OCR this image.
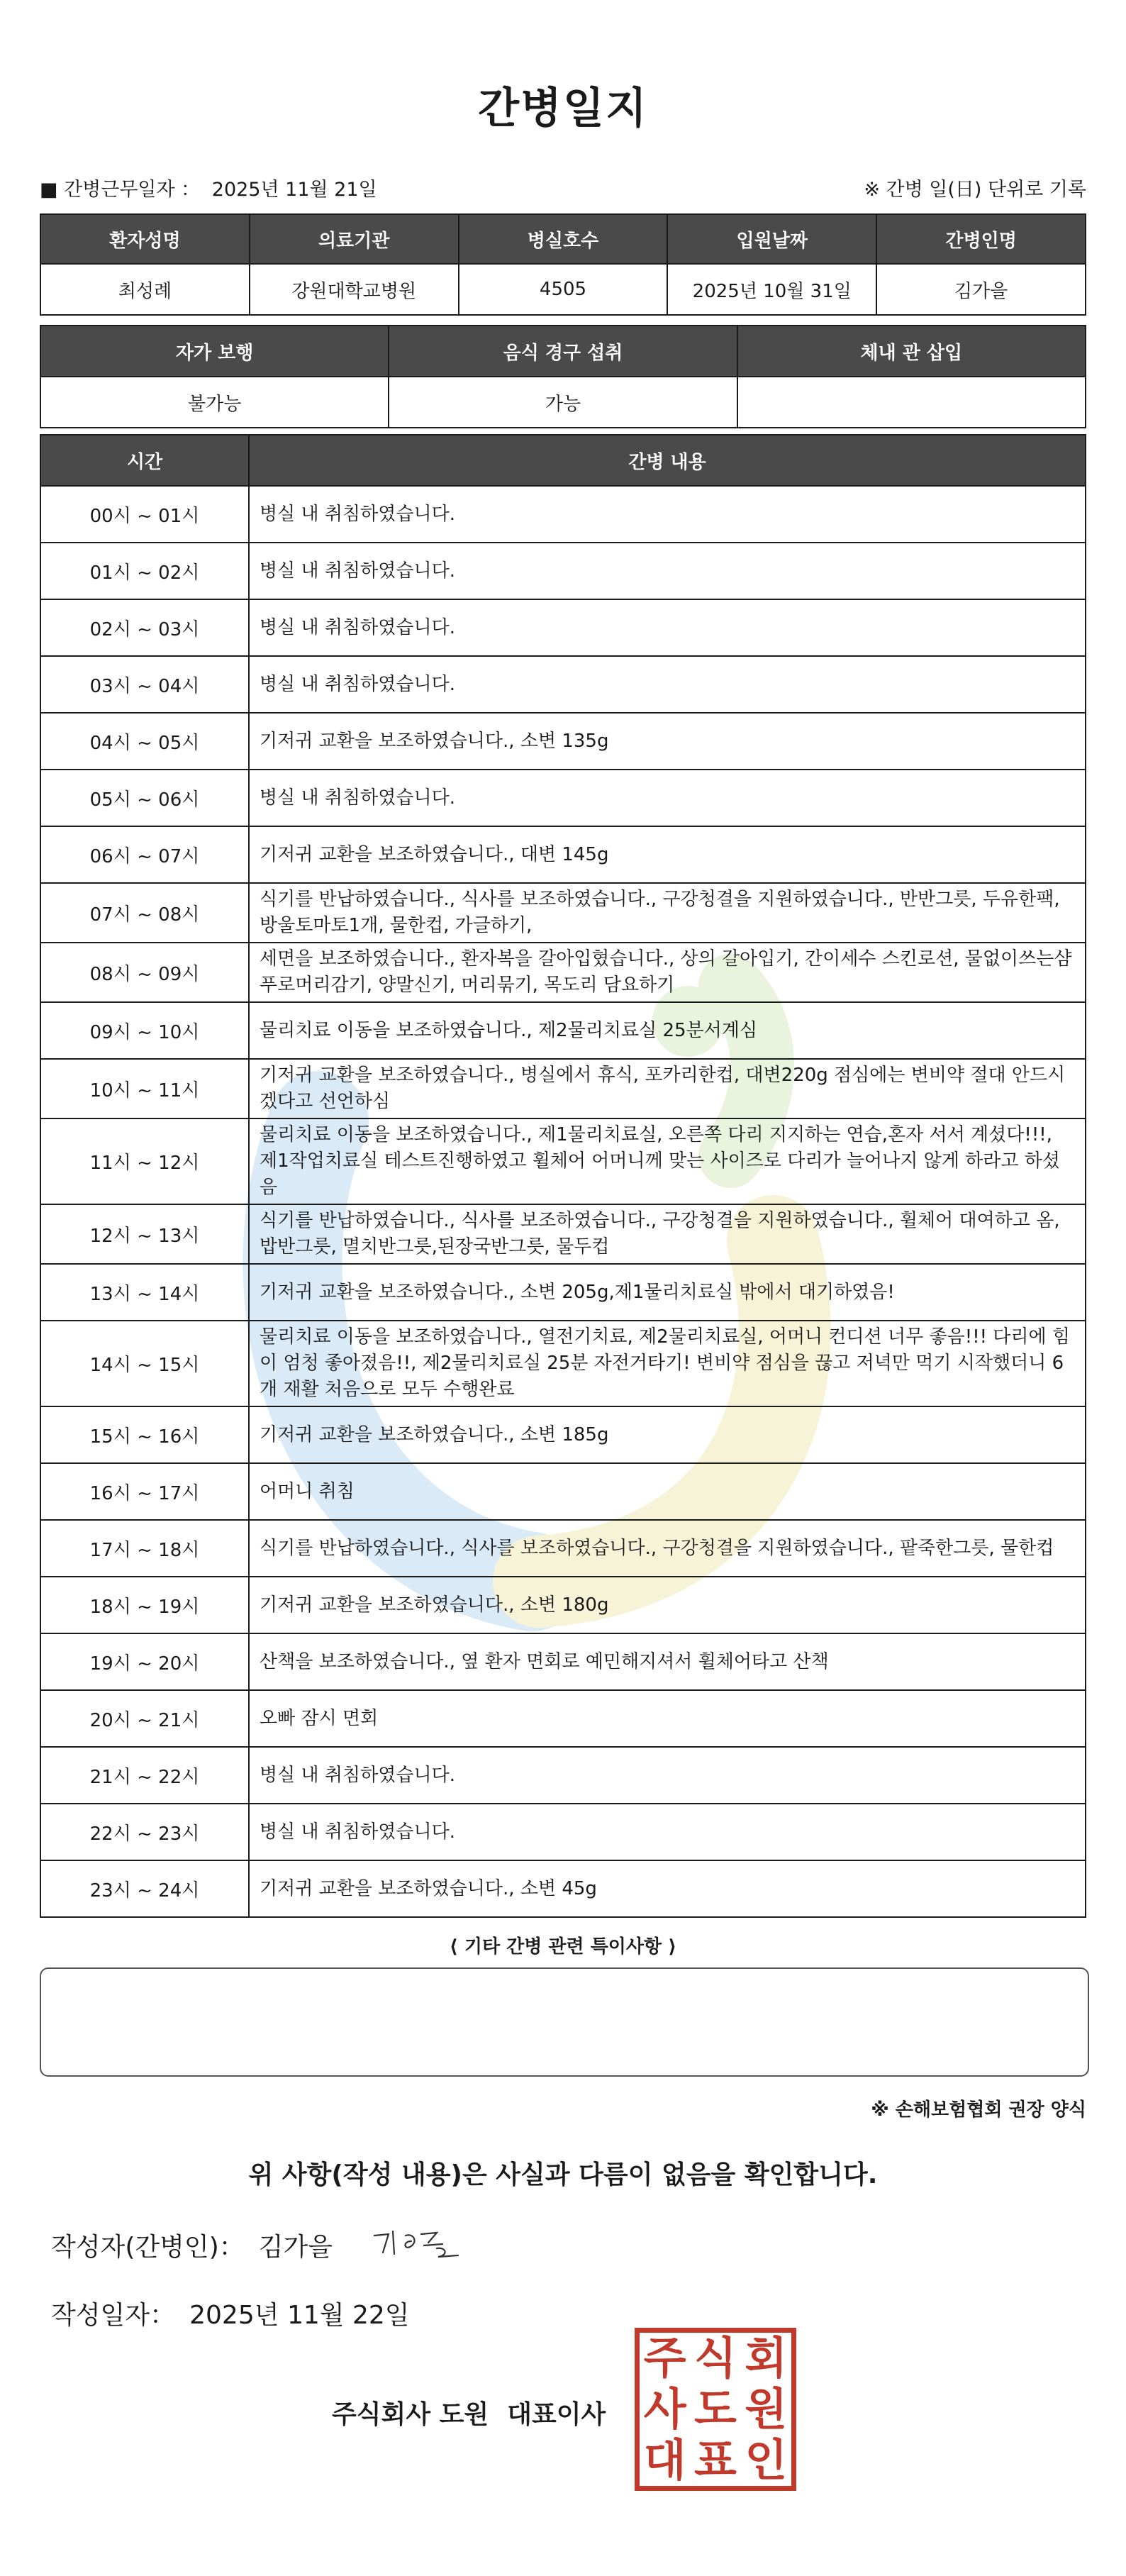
간병일지
■ 간병근무일자 ： 2025년 11월 21일	※ 간병 일(日) 단위로 기록
환자성명	의료기관	병실호수	입원날짜	간병인명
최성례	강원대학교병원	4505	2025년 10월 31일	김가을
자가 보행	음식 경구 섭취	체내 관 삽입
불가능	가능	
시간	간병 내용
00시 ~ 01시	병실 내 취침하였습니다.
01시 ~ 02시	병실 내 취침하였습니다.
02시 ~ 03시	병실 내 취침하였습니다.
03시 ~ 04시	병실 내 취침하였습니다.
04시 ~ 05시	기저귀 교환을 보조하였습니다., 소변 135g
05시 ~ 06시	병실 내 취침하였습니다.
06시 ~ 07시	기저귀 교환을 보조하였습니다., 대변 145g
07시 ~ 08시	식기를 반납하였습니다., 식사를 보조하였습니다., 구강청결을 지원하였습니다., 반반그릇, 두유한팩, 방울토마토1개, 물한컵, 가글하기,
08시 ~ 09시	세면을 보조하였습니다., 환자복을 갈아입혔습니다., 상의 갈아입기, 간이세수 스킨로션, 물없이쓰는샴푸로머리감기, 양말신기, 머리묶기, 목도리 담요하기
09시 ~ 10시	물리치료 이동을 보조하였습니다., 제2물리치료실 25분서계심
10시 ~ 11시	기저귀 교환을 보조하였습니다., 병실에서 휴식, 포카리한컵, 대변220g 점심에는 변비약 절대 안드시겠다고 선언하심
11시 ~ 12시	물리치료 이동을 보조하였습니다., 제1물리치료실, 오른쪽 다리 지지하는 연습,혼자 서서 계셨다!!!, 제1작업치료실 테스트진행하였고 휠체어 어머니께 맞는 사이즈로 다리가 늘어나지 않게 하라고 하셨음
12시 ~ 13시	식기를 반납하였습니다., 식사를 보조하였습니다., 구강청결을 지원하였습니다., 휠체어 대여하고 옴, 밥반그릇, 멸치반그릇,된장국반그릇, 물두컵
13시 ~ 14시	기저귀 교환을 보조하였습니다., 소변 205g,제1물리치료실 밖에서 대기하였음!
14시 ~ 15시	물리치료 이동을 보조하였습니다., 열전기치료, 제2물리치료실, 어머니 컨디션 너무 좋음!!! 다리에 힘이 엄청 좋아졌음!!, 제2물리치료실 25분 자전거타기! 변비약 점심을 끊고 저녁만 먹기 시작했더니 6개 재활 처음으로 모두 수행완료
15시 ~ 16시	기저귀 교환을 보조하였습니다., 소변 185g
16시 ~ 17시	어머니 취침
17시 ~ 18시	식기를 반납하였습니다., 식사를 보조하였습니다., 구강청결을 지원하였습니다., 팥죽한그릇, 물한컵
18시 ~ 19시	기저귀 교환을 보조하였습니다., 소변 180g
19시 ~ 20시	산책을 보조하였습니다., 옆 환자 면회로 예민해지셔서 휠체어타고 산책
20시 ~ 21시	오빠 잠시 면회
21시 ~ 22시	병실 내 취침하였습니다.
22시 ~ 23시	병실 내 취침하였습니다.
23시 ~ 24시	기저귀 교환을 보조하였습니다., 소변 45g
⟨ 기타 간병 관련 특이사항 ⟩
※ 손해보험협회 권장 양식
위 사항(작성 내용)은 사실과 다름이 없음을 확인합니다.
작성자(간병인)： 김가을
작성일자： 2025년 11월 22일
주식회사 도원 대표이사
주 식 회
사 도 원
대 표 인
